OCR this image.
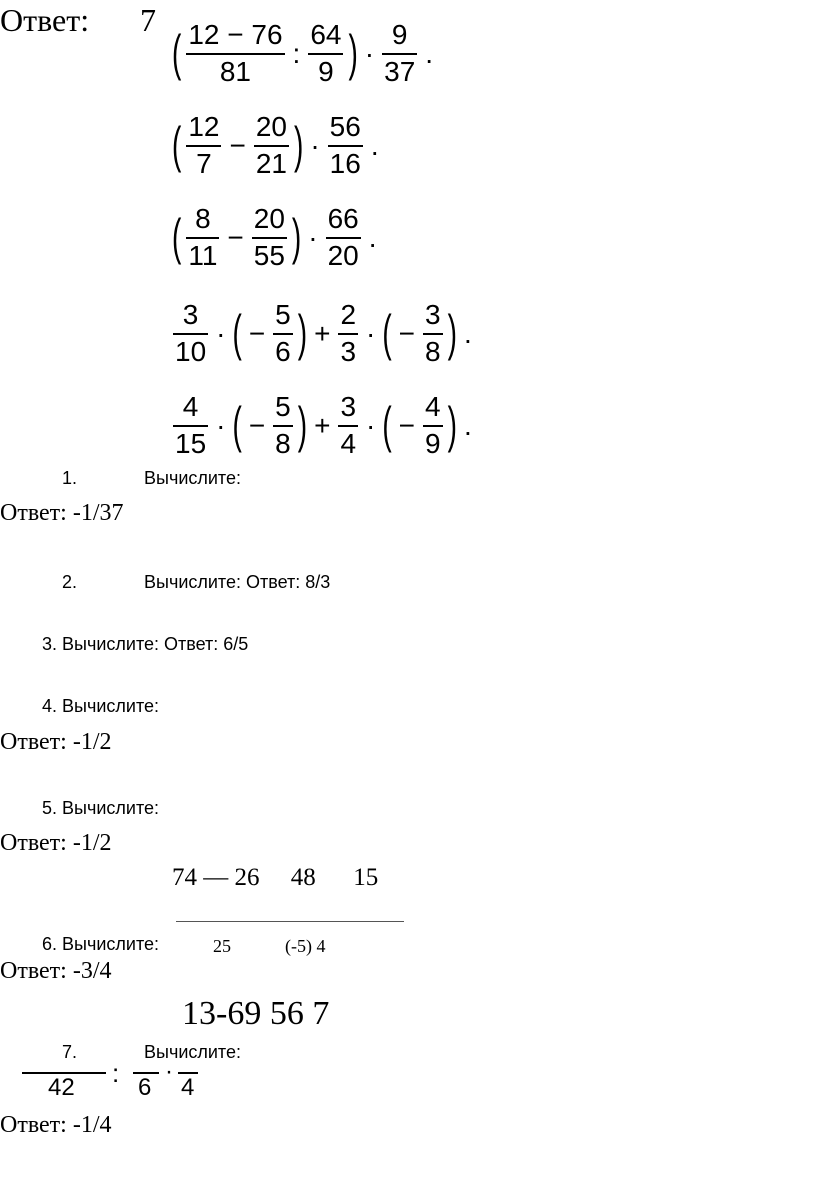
Ответ: 7
( $\frac{12 - 76}{81}$ : $\frac{64}{9}$ ) · $\frac{9}{37}$ .
( $\frac{12}{7} - \frac{20}{21}$ ) · $\frac{56}{16}$ .
( $\frac{8}{11} - \frac{20}{55}$ ) · $\frac{66}{20}$ .
$\frac{3}{10}$ · ( − $\frac{5}{6}$ ) + $\frac{2}{3}$ · ( − $\frac{3}{8}$ ) .
$\frac{4}{15}$ · ( − $\frac{5}{8}$ ) + $\frac{3}{4}$ · ( − $\frac{4}{9}$ ) .
1.	Вычислите:
Ответ: -1/37
2.	Вычислите: Ответ: 8/3
3. Вычислите: Ответ: 6/5
4. Вычислите:
Ответ: -1/2
5. Вычислите:
Ответ: -1/2
74 — 26     48      15
6. Вычислите:	25	(-5) 4
Ответ: -3/4
13-69 56 7
7.	Вычислите:
42 : 6
·
4
Ответ: -1/4
